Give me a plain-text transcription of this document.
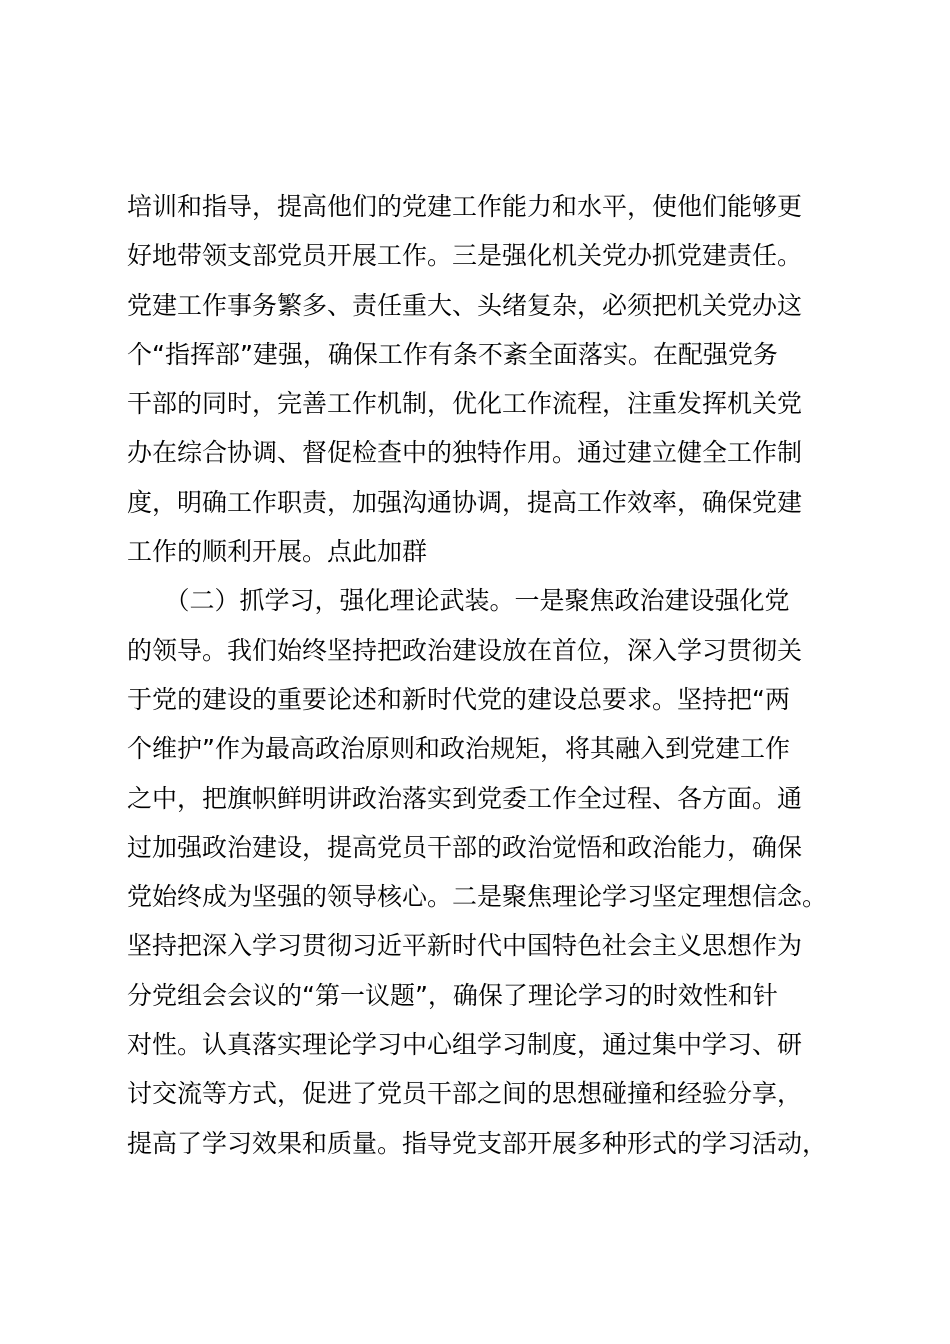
培训和指导，提高他们的党建工作能力和水平，使他们能够更
好地带领支部党员开展工作。三是强化机关党办抓党建责任。
党建工作事务繁多、责任重大、头绪复杂，必须把机关党办这
个“指挥部”建强，确保工作有条不紊全面落实。在配强党务
干部的同时，完善工作机制，优化工作流程，注重发挥机关党
办在综合协调、督促检查中的独特作用。通过建立健全工作制
度，明确工作职责，加强沟通协调，提高工作效率，确保党建
工作的顺利开展。点此加群
　　（二）抓学习，强化理论武装。一是聚焦政治建设强化党
的领导。我们始终坚持把政治建设放在首位，深入学习贯彻关
于党的建设的重要论述和新时代党的建设总要求。坚持把“两
个维护”作为最高政治原则和政治规矩，将其融入到党建工作
之中，把旗帜鲜明讲政治落实到党委工作全过程、各方面。通
过加强政治建设，提高党员干部的政治觉悟和政治能力，确保
党始终成为坚强的领导核心。二是聚焦理论学习坚定理想信念。
坚持把深入学习贯彻习近平新时代中国特色社会主义思想作为
分党组会会议的“第一议题”，确保了理论学习的时效性和针
对性。认真落实理论学习中心组学习制度，通过集中学习、研
讨交流等方式，促进了党员干部之间的思想碰撞和经验分享，
提高了学习效果和质量。指导党支部开展多种形式的学习活动，
